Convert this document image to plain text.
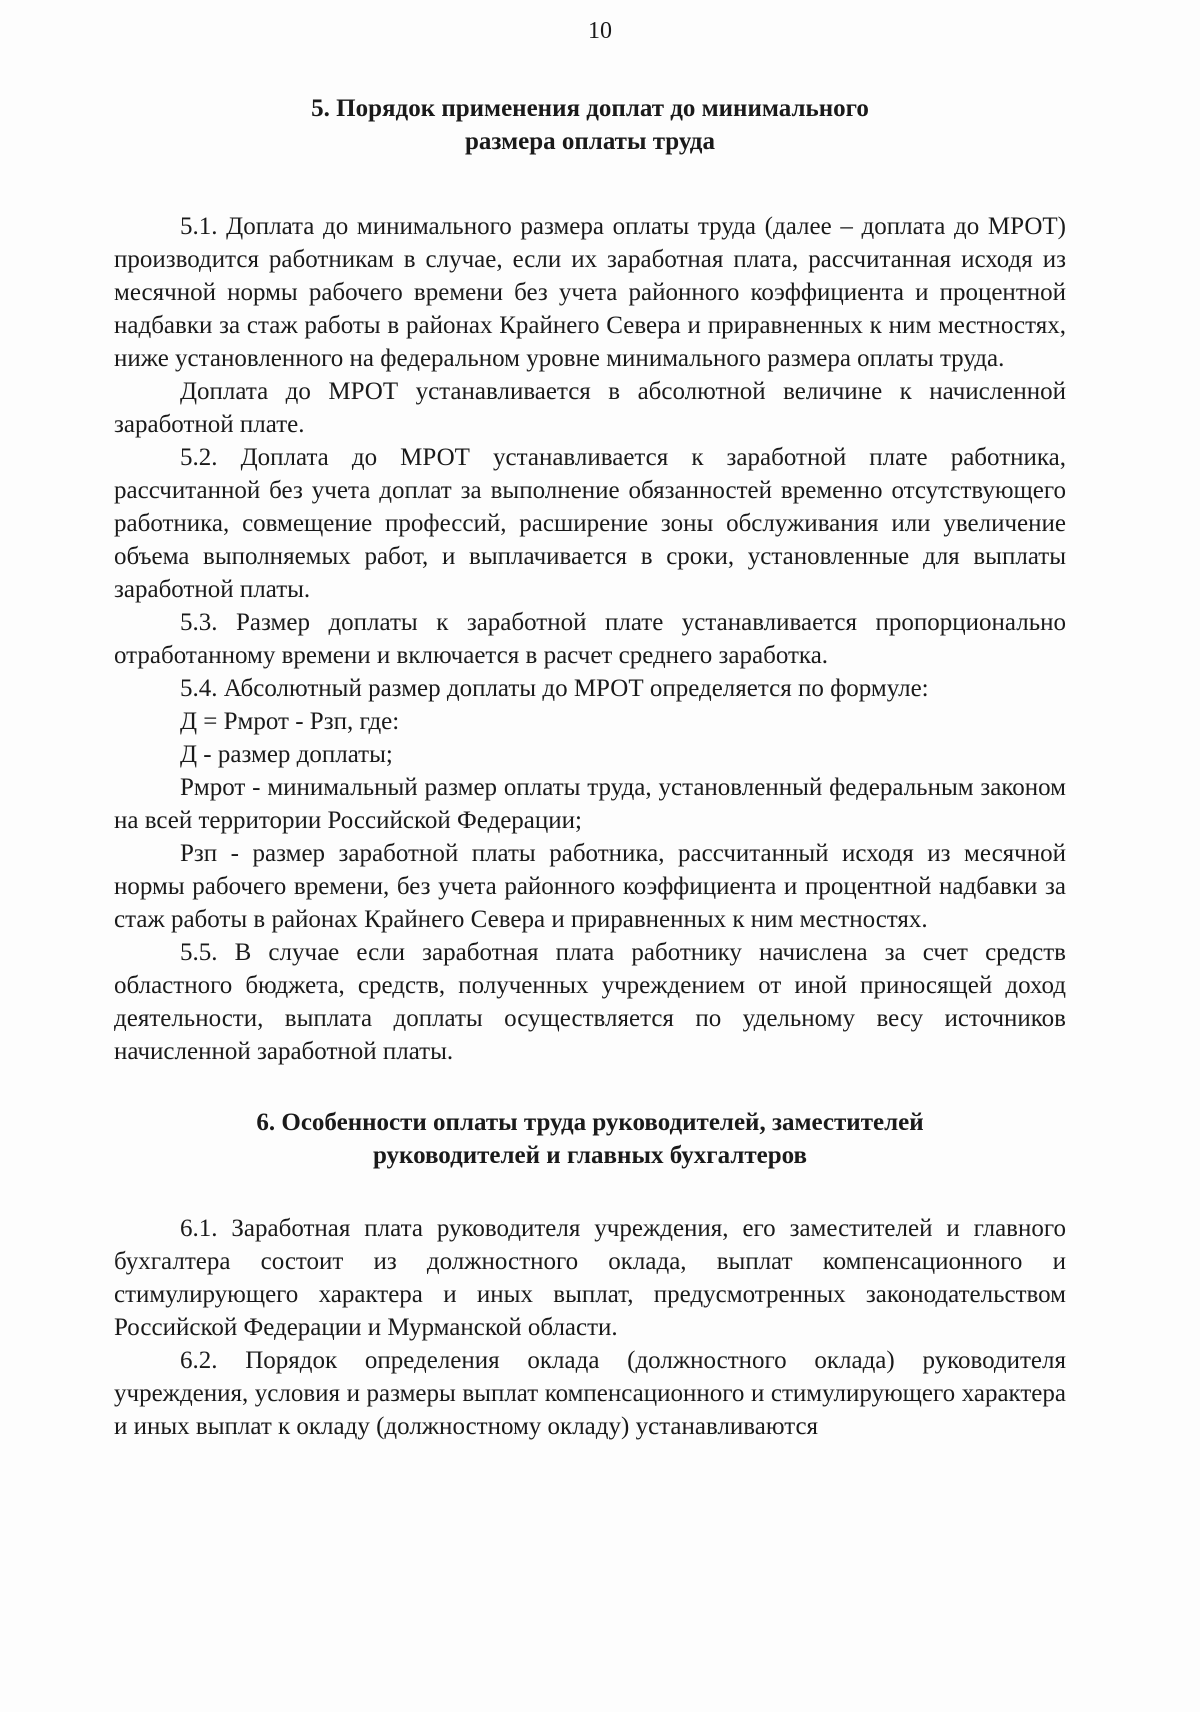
10
5. Порядок применения доплат до минимального
размера оплаты труда

5.1. Доплата до минимального размера оплаты труда (далее – доплата до МРОТ) производится работникам в случае, если их заработная плата, рассчитанная исходя из месячной нормы рабочего времени без учета районного коэффициента и процентной надбавки за стаж работы в районах Крайнего Севера и приравненных к ним местностях, ниже установленного на федеральном уровне минимального размера оплаты труда.

Доплата до МРОТ устанавливается в абсолютной величине к начисленной заработной плате.

5.2. Доплата до МРОТ устанавливается к заработной плате работника, рассчитанной без учета доплат за выполнение обязанностей временно отсутствующего работника, совмещение профессий, расширение зоны обслуживания или увеличение объема выполняемых работ, и выплачивается в сроки, установленные для выплаты заработной платы.

5.3. Размер доплаты к заработной плате устанавливается пропорционально отработанному времени и включается в расчет среднего заработка.

5.4. Абсолютный размер доплаты до МРОТ определяется по формуле:

Д = Рмрот - Рзп, где:

Д - размер доплаты;

Рмрот - минимальный размер оплаты труда, установленный федеральным законом на всей территории Российской Федерации;

Рзп - размер заработной платы работника, рассчитанный исходя из месячной нормы рабочего времени, без учета районного коэффициента и процентной надбавки за стаж работы в районах Крайнего Севера и приравненных к ним местностях.

5.5. В случае если заработная плата работнику начислена за счет средств областного бюджета, средств, полученных учреждением от иной приносящей доход деятельности, выплата доплаты осуществляется по удельному весу источников начисленной заработной платы.

6. Особенности оплаты труда руководителей, заместителей
руководителей и главных бухгалтеров

6.1. Заработная плата руководителя учреждения, его заместителей и главного бухгалтера состоит из должностного оклада, выплат компенсационного и стимулирующего характера и иных выплат, предусмотренных законодательством Российской Федерации и Мурманской области.

6.2. Порядок определения оклада (должностного оклада) руководителя учреждения, условия и размеры выплат компенсационного и стимулирующего характера и иных выплат к окладу (должностному окладу) устанавливаются
